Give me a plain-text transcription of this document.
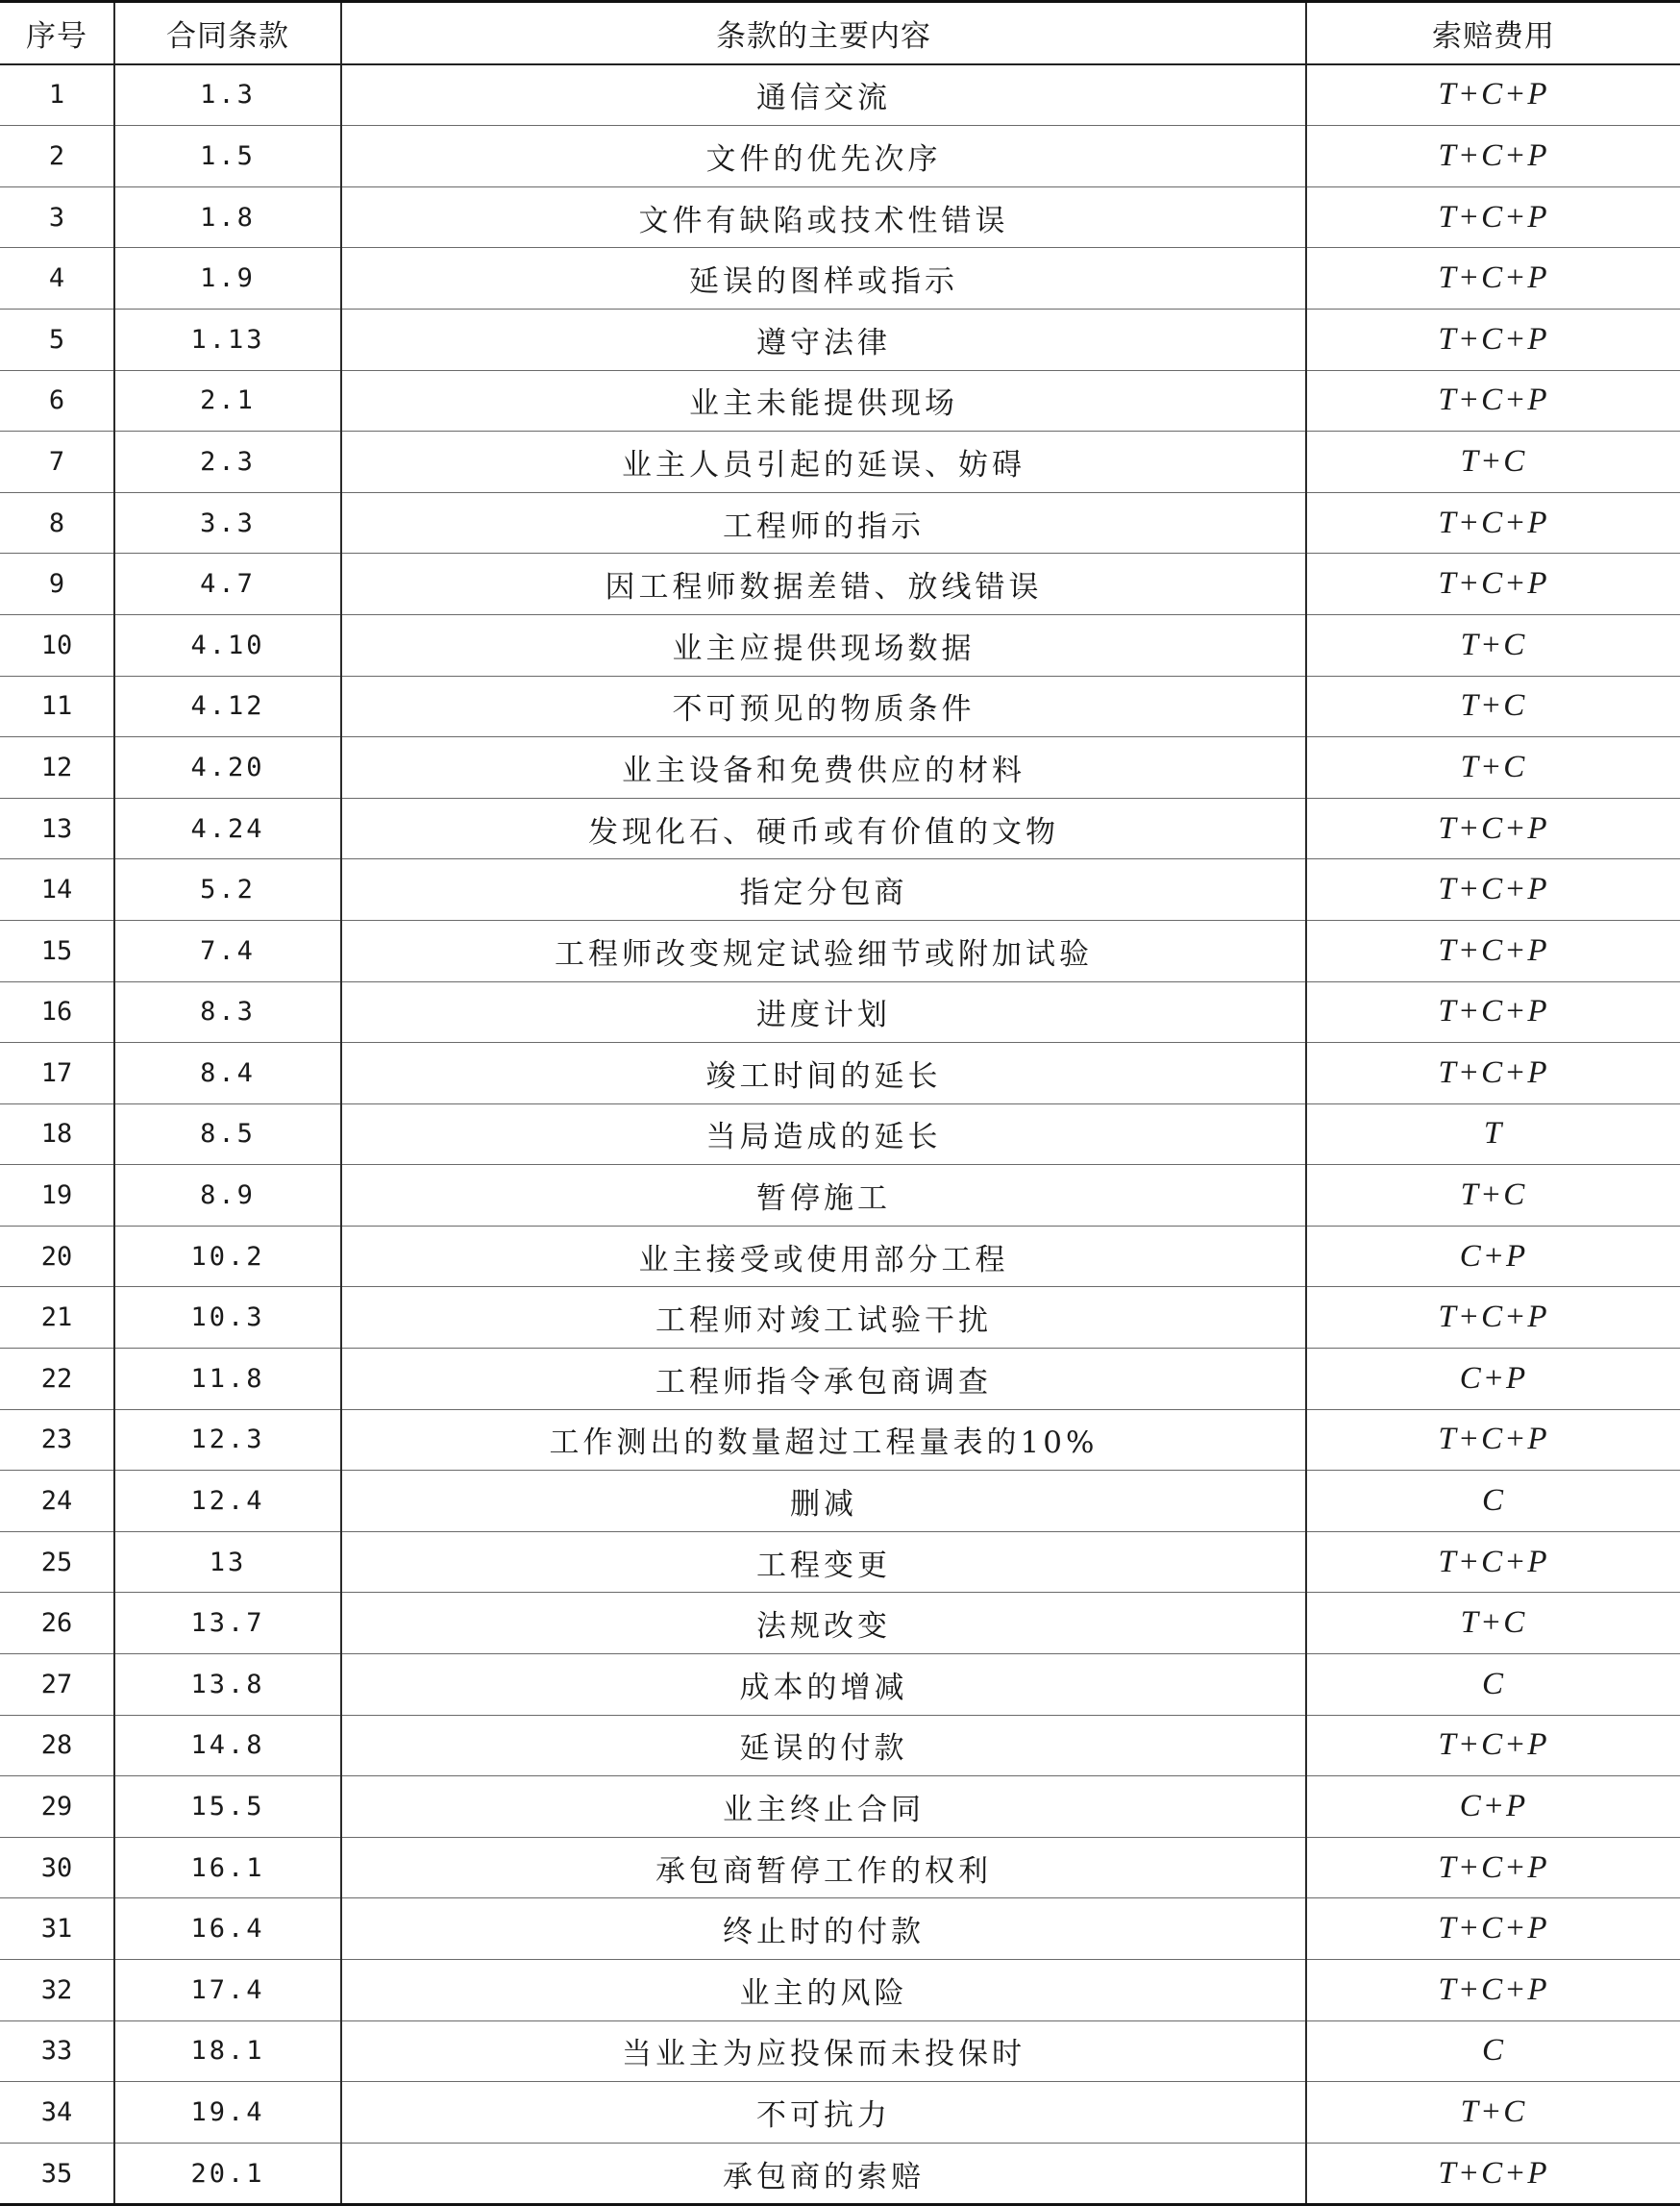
序号	合同条款	条款的主要内容	索赔费用
1	1.3	通信交流	T+C+P
2	1.5	文件的优先次序	T+C+P
3	1.8	文件有缺陷或技术性错误	T+C+P
4	1.9	延误的图样或指示	T+C+P
5	1.13	遵守法律	T+C+P
6	2.1	业主未能提供现场	T+C+P
7	2.3	业主人员引起的延误、妨碍	T+C
8	3.3	工程师的指示	T+C+P
9	4.7	因工程师数据差错、放线错误	T+C+P
10	4.10	业主应提供现场数据	T+C
11	4.12	不可预见的物质条件	T+C
12	4.20	业主设备和免费供应的材料	T+C
13	4.24	发现化石、硬币或有价值的文物	T+C+P
14	5.2	指定分包商	T+C+P
15	7.4	工程师改变规定试验细节或附加试验	T+C+P
16	8.3	进度计划	T+C+P
17	8.4	竣工时间的延长	T+C+P
18	8.5	当局造成的延长	T
19	8.9	暂停施工	T+C
20	10.2	业主接受或使用部分工程	C+P
21	10.3	工程师对竣工试验干扰	T+C+P
22	11.8	工程师指令承包商调查	C+P
23	12.3	工作测出的数量超过工程量表的10%	T+C+P
24	12.4	删减	C
25	13	工程变更	T+C+P
26	13.7	法规改变	T+C
27	13.8	成本的增减	C
28	14.8	延误的付款	T+C+P
29	15.5	业主终止合同	C+P
30	16.1	承包商暂停工作的权利	T+C+P
31	16.4	终止时的付款	T+C+P
32	17.4	业主的风险	T+C+P
33	18.1	当业主为应投保而未投保时	C
34	19.4	不可抗力	T+C
35	20.1	承包商的索赔	T+C+P
